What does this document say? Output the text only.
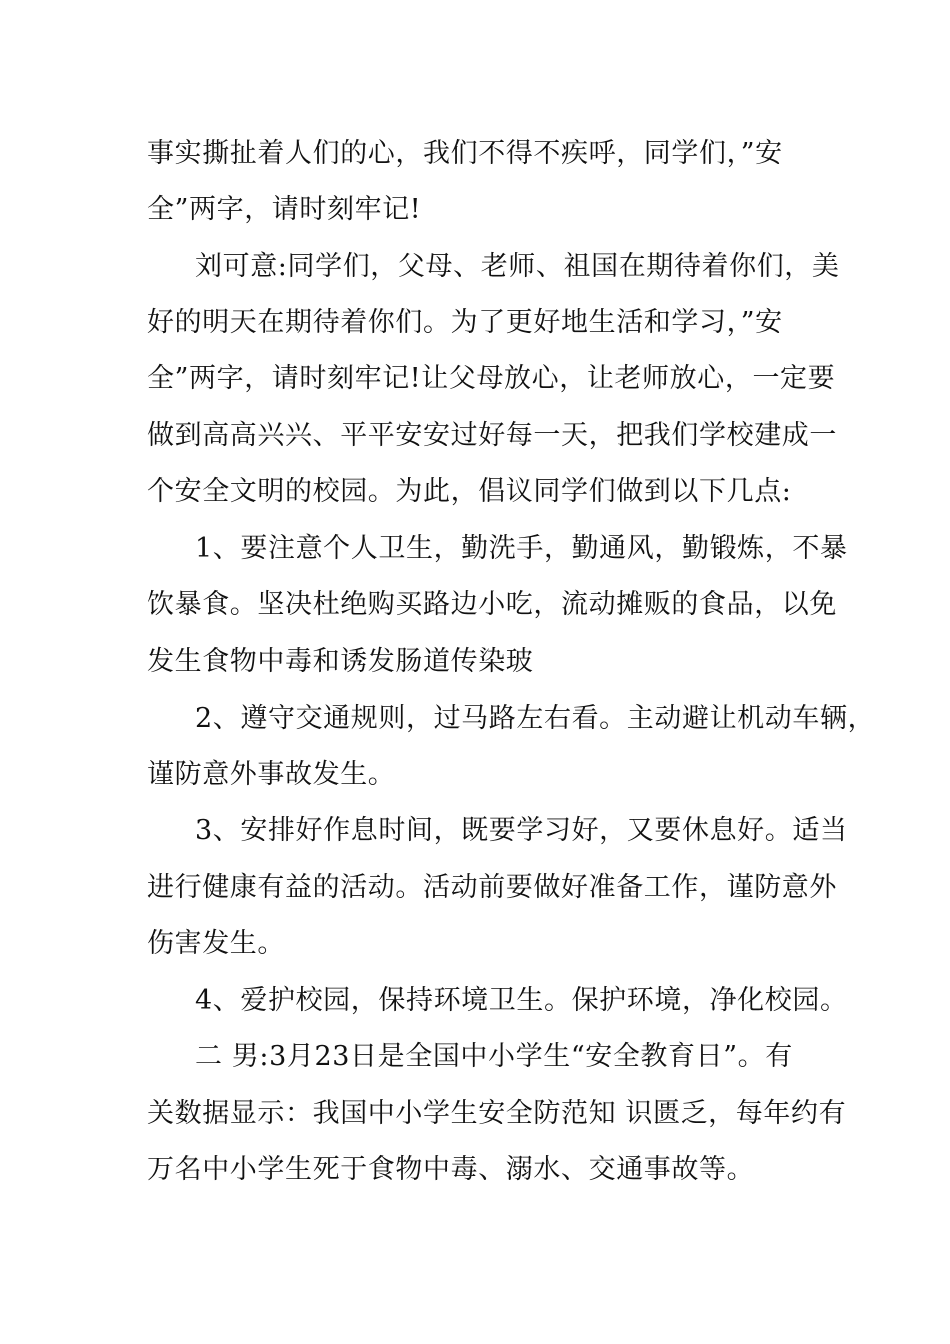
事实撕扯着人们的心，我们不得不疾呼，同学们，”安
全”两字，请时刻牢记!
刘可意:同学们，父母、老师、祖国在期待着你们，美
好的明天在期待着你们。为了更好地生活和学习，”安
全”两字，请时刻牢记!让父母放心，让老师放心，一定要
做到高高兴兴、平平安安过好每一天，把我们学校建成一
个安全文明的校园。为此，倡议同学们做到以下几点:
1、要注意个人卫生，勤洗手，勤通风，勤锻炼，不暴
饮暴食。坚决杜绝购买路边小吃，流动摊贩的食品，以免
发生食物中毒和诱发肠道传染玻
2、遵守交通规则，过马路左右看。主动避让机动车辆，
谨防意外事故发生。
3、安排好作息时间，既要学习好，又要休息好。适当
进行健康有益的活动。活动前要做好准备工作，谨防意外
伤害发生。
4、爱护校园，保持环境卫生。保护环境，净化校园。
二 男:3月23日是全国中小学生“安全教育日”。有
关数据显示：我国中小学生安全防范知 识匮乏，每年约有
万名中小学生死于食物中毒、溺水、交通事故等。
